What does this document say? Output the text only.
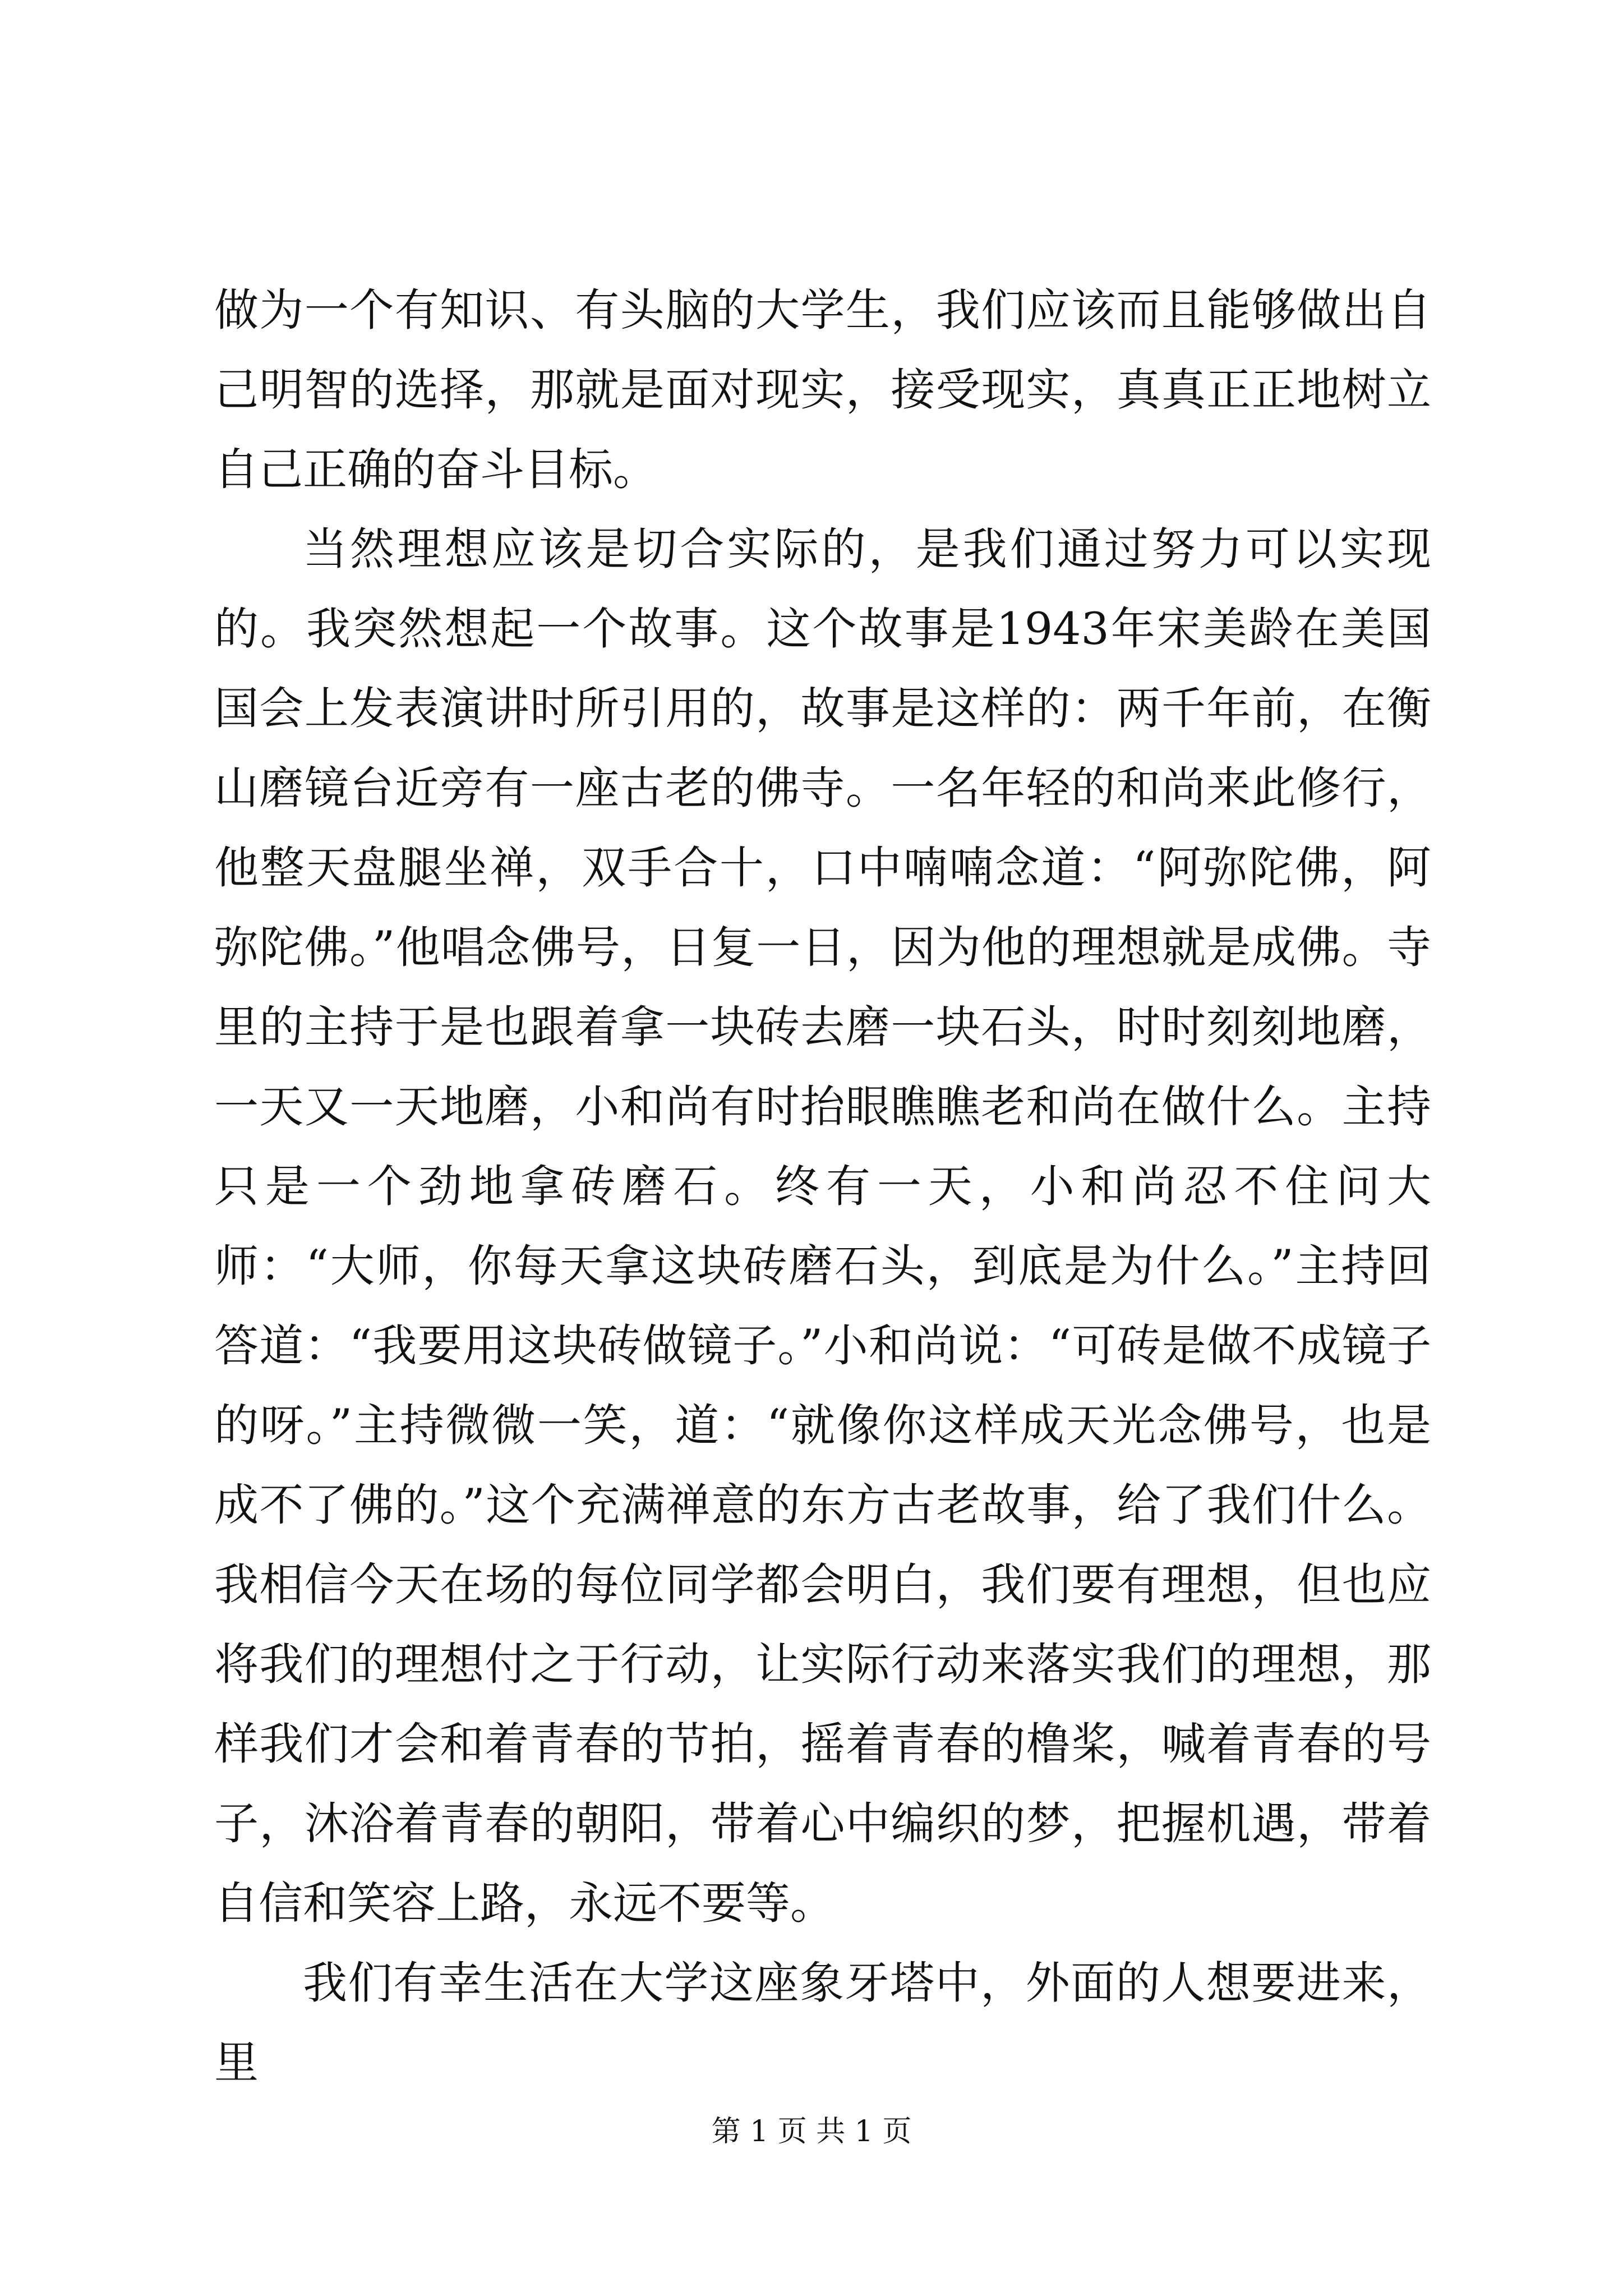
做为一个有知识、有头脑的大学生，我们应该而且能够做出自己明智的选择，那就是面对现实，接受现实，真真正正地树立自己正确的奋斗目标。

当然理想应该是切合实际的，是我们通过努力可以实现的。我突然想起一个故事。这个故事是1943年宋美龄在美国国会上发表演讲时所引用的，故事是这样的：两千年前，在衡山磨镜台近旁有一座古老的佛寺。一名年轻的和尚来此修行，他整天盘腿坐禅，双手合十，口中喃喃念道：“阿弥陀佛，阿弥陀佛。”他唱念佛号，日复一日，因为他的理想就是成佛。寺里的主持于是也跟着拿一块砖去磨一块石头，时时刻刻地磨，一天又一天地磨，小和尚有时抬眼瞧瞧老和尚在做什么。主持只是一个劲地拿砖磨石。终有一天，小和尚忍不住问大师：“大师，你每天拿这块砖磨石头，到底是为什么。”主持回答道：“我要用这块砖做镜子。”小和尚说：“可砖是做不成镜子的呀。”主持微微一笑，道：“就像你这样成天光念佛号，也是成不了佛的。”这个充满禅意的东方古老故事，给了我们什么。我相信今天在场的每位同学都会明白，我们要有理想，但也应将我们的理想付之于行动，让实际行动来落实我们的理想，那样我们才会和着青春的节拍，摇着青春的橹桨，喊着青春的号子，沐浴着青春的朝阳，带着心中编织的梦，把握机遇，带着自信和笑容上路，永远不要等。

我们有幸生活在大学这座象牙塔中，外面的人想要进来，里

第 1 页 共 1 页
